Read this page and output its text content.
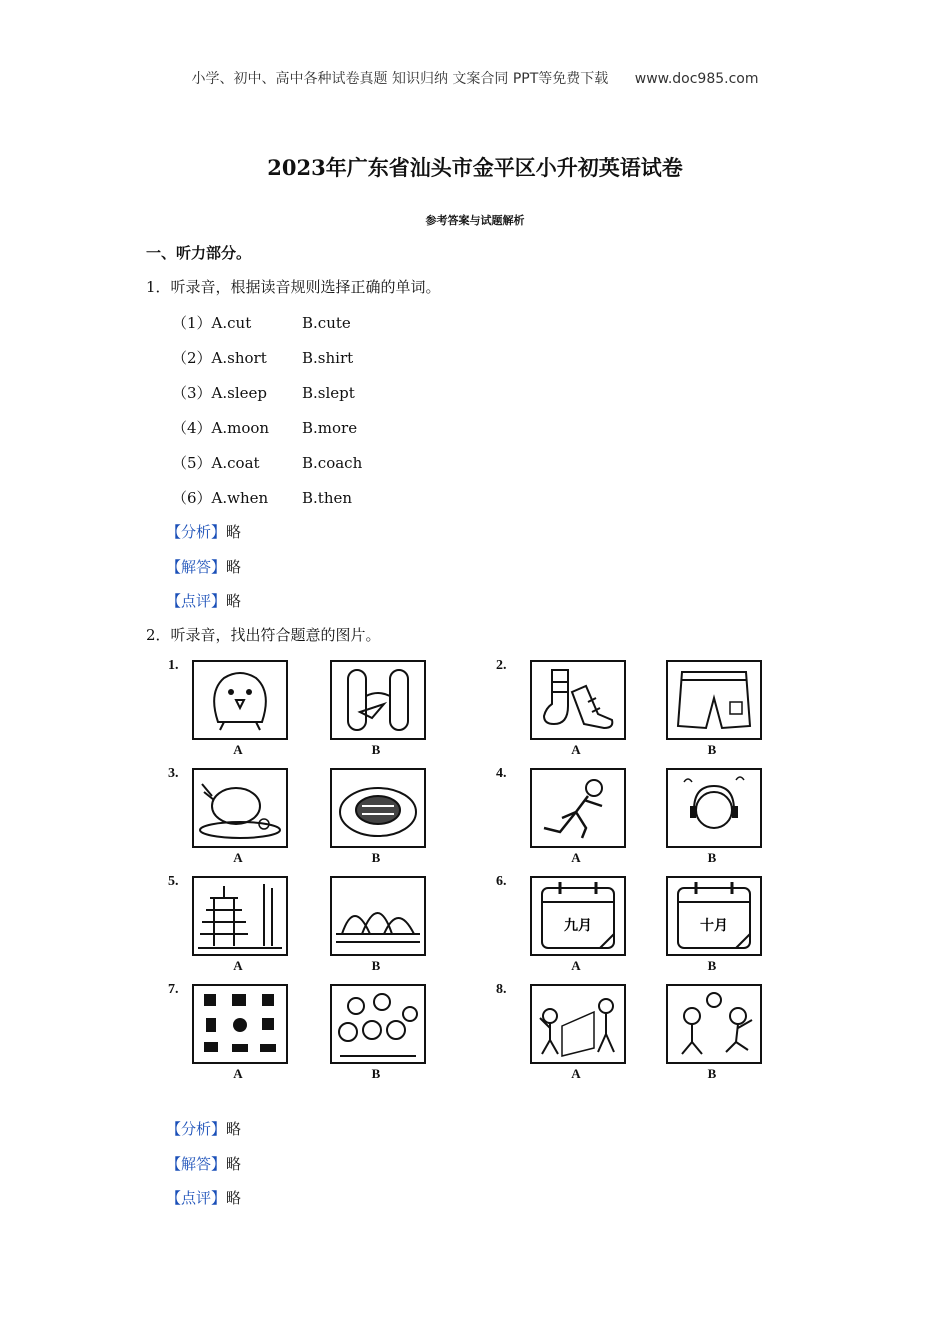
小学、初中、高中各种试卷真题 知识归纳 文案合同 PPT等免费下载 www.doc985.com
2023年广东省汕头市金平区小升初英语试卷
参考答案与试题解析
一、听力部分。
1．听录音，根据读音规则选择正确的单词。
（1）A.cut	B.cute
（2）A.short B.shirt
（3）A.sleep B.slept
（4）A.moon B.more
（5）A.coat	B.coach
（6）A.when B.then
【分析】略
【解答】略
【点评】略
2．听录音，找出符合题意的图片。
1.
A	B
2.
A	B
3.
A	B
4.
A	B
5.
A	B
6.
九月
A
十月
B
7.
A	B
8.
A	B
【分析】略
【解答】略
【点评】略
